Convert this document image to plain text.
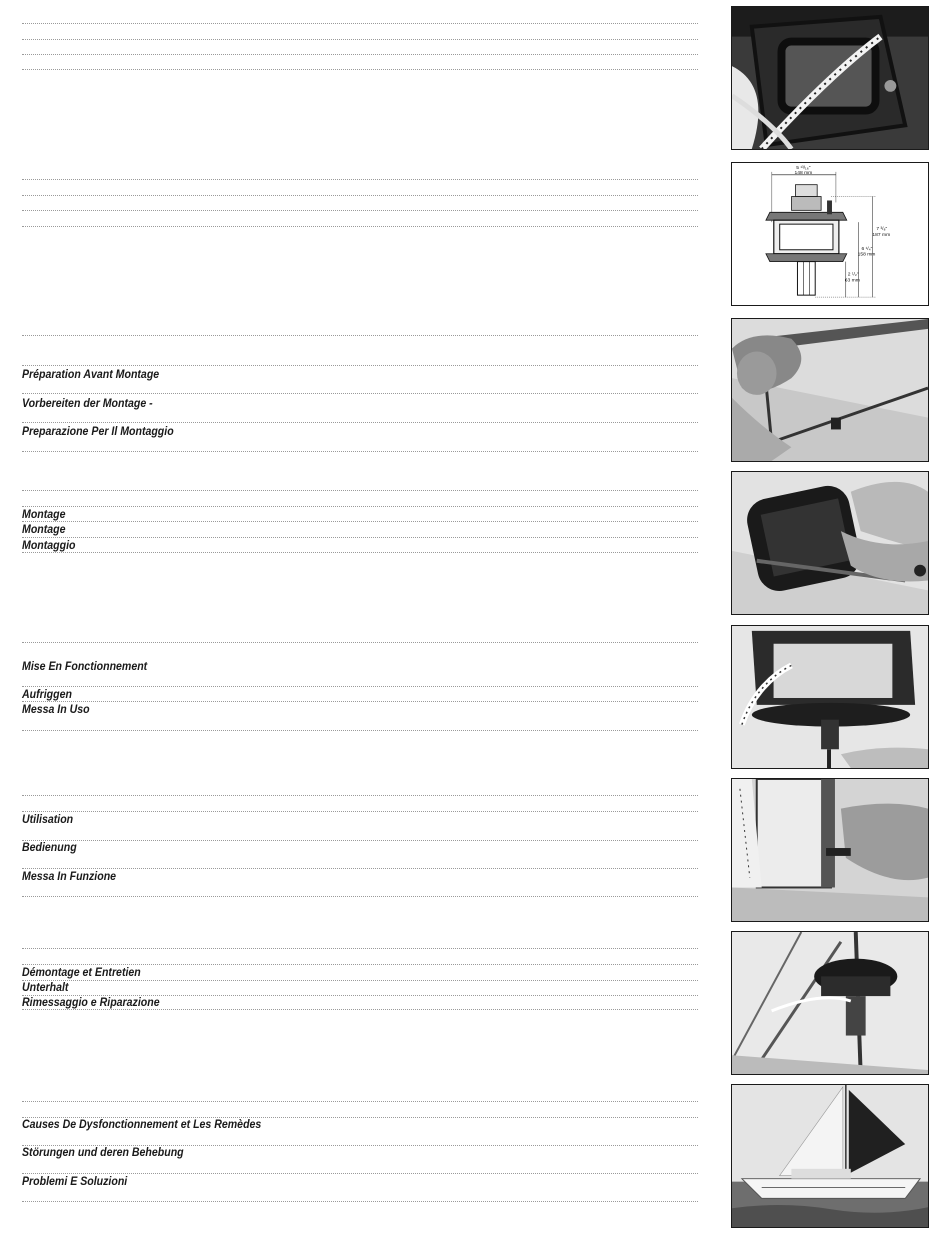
Préparation Avant Montage
Vorbereiten der Montage -
Preparazione Per Il Montaggio
Montage
Montage
Montaggio
Mise En Fonctionnement
Aufriggen
Messa In Uso
Utilisation
Bedienung
Messa In Funzione
Démontage et Entretien
Unterhalt
Rimessaggio e Riparazione
Causes De Dysfonctionnement et Les Remèdes
Störungen und deren Behebung
Problemi E Soluzioni
5 ¹³/₁₆"
148 mm
7 ³/₈"
187 mm
6 ¹/₄"
158 mm
2 ¹/₂"
63 mm
